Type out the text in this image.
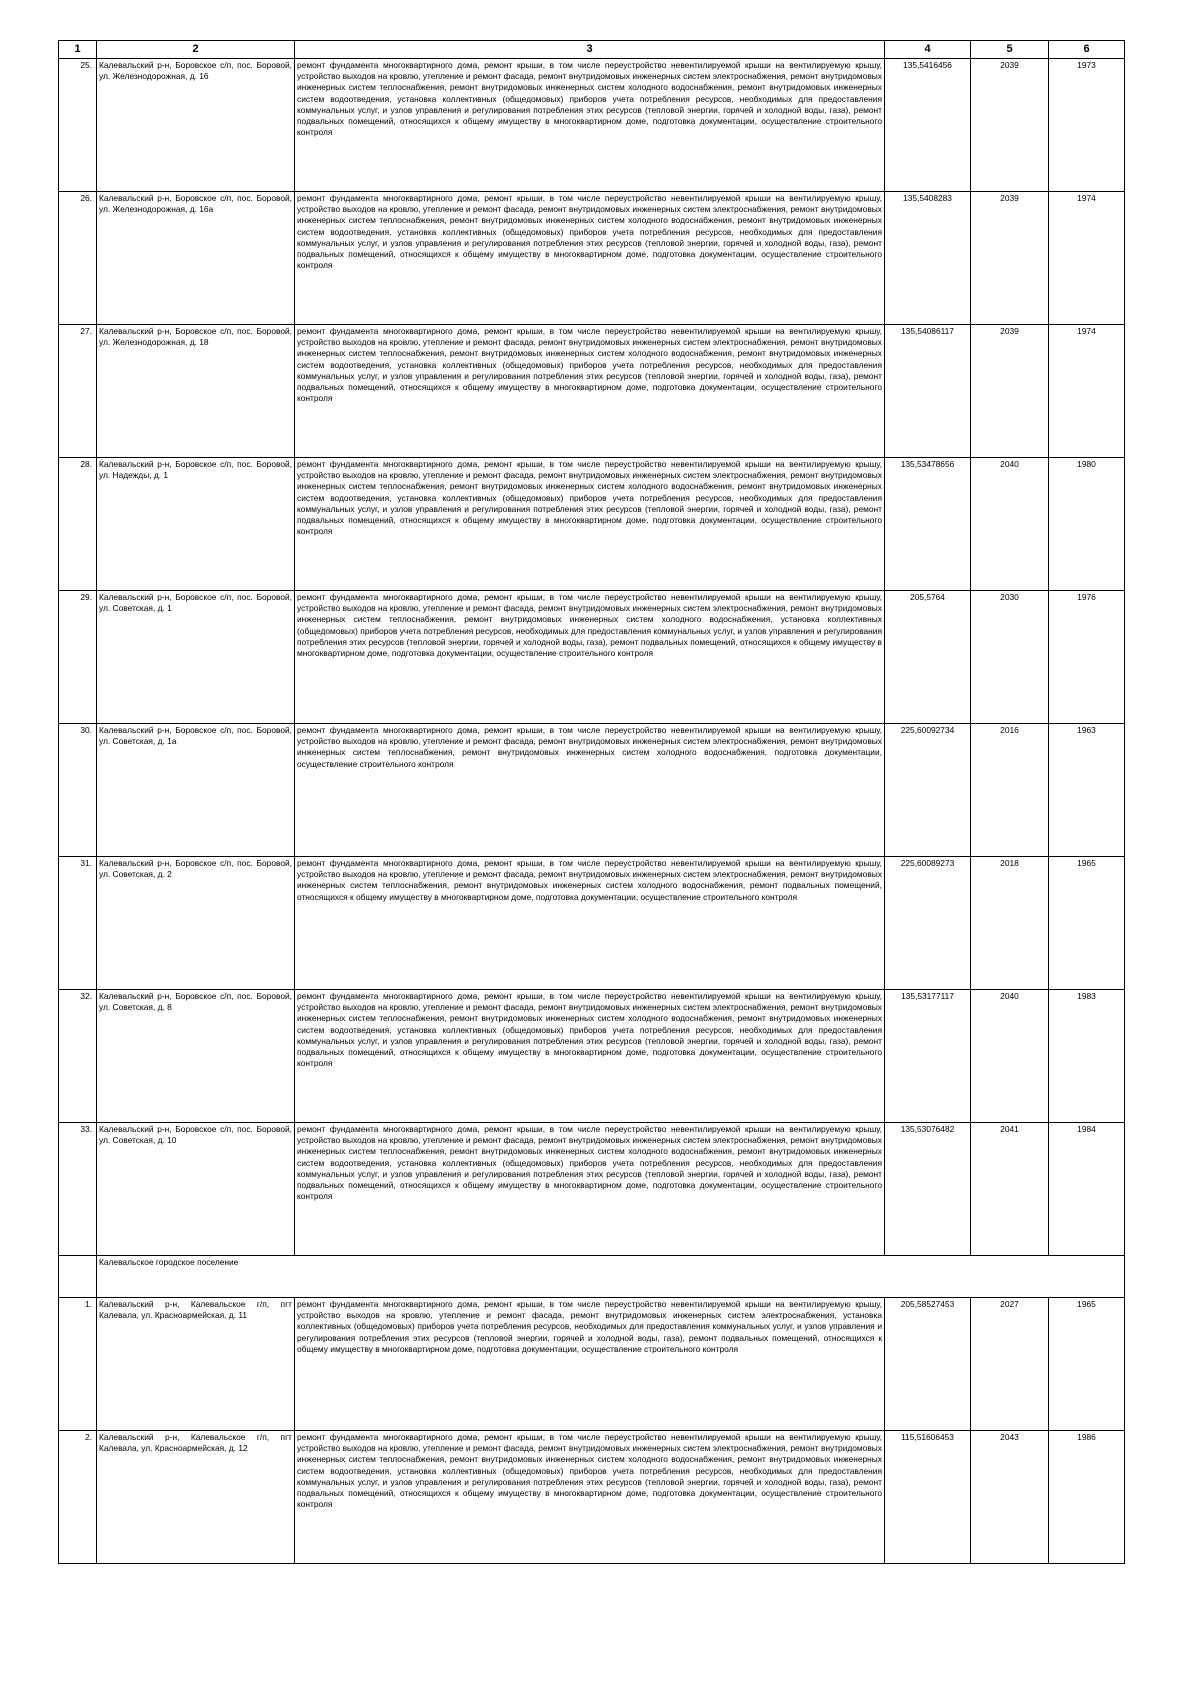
1	2	3	4	5	6
25.	Калевальский р-н, Боровское с/п, пос. Боровой, ул. Железнодорожная, д. 16	ремонт фундамента многоквартирного дома, ремонт крыши, в том числе переустройство невентилируемой крыши на вентилируемую крышу, устройство выходов на кровлю, утепление и ремонт фасада, ремонт внутридомовых инженерных систем электроснабжения, ремонт внутридомовых инженерных систем теплоснабжения, ремонт внутридомовых инженерных систем холодного водоснабжения, ремонт внутридомовых инженерных систем водоотведения, установка коллективных (общедомовых) приборов учета потребления ресурсов, необходимых для предоставления коммунальных услуг, и узлов управления и регулирования потребления этих ресурсов (тепловой энергии, горячей и холодной воды, газа), ремонт подвальных помещений, относящихся к общему имуществу в многоквартирном доме, подготовка документации, осуществление строительного контроля	135,5416456	2039	1973
26.	Калевальский р-н, Боровское с/п, пос. Боровой, ул. Железнодорожная, д. 16а	ремонт фундамента многоквартирного дома, ремонт крыши, в том числе переустройство невентилируемой крыши на вентилируемую крышу, устройство выходов на кровлю, утепление и ремонт фасада, ремонт внутридомовых инженерных систем электроснабжения, ремонт внутридомовых инженерных систем теплоснабжения, ремонт внутридомовых инженерных систем холодного водоснабжения, ремонт внутридомовых инженерных систем водоотведения, установка коллективных (общедомовых) приборов учета потребления ресурсов, необходимых для предоставления коммунальных услуг, и узлов управления и регулирования потребления этих ресурсов (тепловой энергии, горячей и холодной воды, газа), ремонт подвальных помещений, относящихся к общему имуществу в многоквартирном доме, подготовка документации, осуществление строительного контроля	135,5408283	2039	1974
27.	Калевальский р-н, Боровское с/п, пос. Боровой, ул. Железнодорожная, д. 18	ремонт фундамента многоквартирного дома, ремонт крыши, в том числе переустройство невентилируемой крыши на вентилируемую крышу, устройство выходов на кровлю, утепление и ремонт фасада, ремонт внутридомовых инженерных систем электроснабжения, ремонт внутридомовых инженерных систем теплоснабжения, ремонт внутридомовых инженерных систем холодного водоснабжения, ремонт внутридомовых инженерных систем водоотведения, установка коллективных (общедомовых) приборов учета потребления ресурсов, необходимых для предоставления коммунальных услуг, и узлов управления и регулирования потребления этих ресурсов (тепловой энергии, горячей и холодной воды, газа), ремонт подвальных помещений, относящихся к общему имуществу в многоквартирном доме, подготовка документации, осуществление строительного контроля	135,54086117	2039	1974
28.	Калевальский р-н, Боровское с/п, пос. Боровой, ул. Надежды, д. 1	ремонт фундамента многоквартирного дома, ремонт крыши, в том числе переустройство невентилируемой крыши на вентилируемую крышу, устройство выходов на кровлю, утепление и ремонт фасада, ремонт внутридомовых инженерных систем электроснабжения, ремонт внутридомовых инженерных систем теплоснабжения, ремонт внутридомовых инженерных систем холодного водоснабжения, ремонт внутридомовых инженерных систем водоотведения, установка коллективных (общедомовых) приборов учета потребления ресурсов, необходимых для предоставления коммунальных услуг, и узлов управления и регулирования потребления этих ресурсов (тепловой энергии, горячей и холодной воды, газа), ремонт подвальных помещений, относящихся к общему имуществу в многоквартирном доме, подготовка документации, осуществление строительного контроля	135,53478656	2040	1980
29.	Калевальский р-н, Боровское с/п, пос. Боровой, ул. Советская, д. 1	ремонт фундамента многоквартирного дома, ремонт крыши, в том числе переустройство невентилируемой крыши на вентилируемую крышу, устройство выходов на кровлю, утепление и ремонт фасада, ремонт внутридомовых инженерных систем электроснабжения, ремонт внутридомовых инженерных систем теплоснабжения, ремонт внутридомовых инженерных систем холодного водоснабжения, установка коллективных (общедомовых) приборов учета потребления ресурсов, необходимых для предоставления коммунальных услуг, и узлов управления и регулирования потребления этих ресурсов (тепловой энергии, горячей и холодной воды, газа), ремонт подвальных помещений, относящихся к общему имуществу в многоквартирном доме, подготовка документации, осуществление строительного контроля	205,5764	2030	1976
30.	Калевальский р-н, Боровское с/п, пос. Боровой, ул. Советская, д. 1а	ремонт фундамента многоквартирного дома, ремонт крыши, в том числе переустройство невентилируемой крыши на вентилируемую крышу, устройство выходов на кровлю, утепление и ремонт фасада, ремонт внутридомовых инженерных систем электроснабжения, ремонт внутридомовых инженерных систем теплоснабжения, ремонт внутридомовых инженерных систем холодного водоснабжения, подготовка документации, осуществление строительного контроля	225,60092734	2016	1963
31.	Калевальский р-н, Боровское с/п, пос. Боровой, ул. Советская, д. 2	ремонт фундамента многоквартирного дома, ремонт крыши, в том числе переустройство невентилируемой крыши на вентилируемую крышу, устройство выходов на кровлю, утепление и ремонт фасада, ремонт внутридомовых инженерных систем электроснабжения, ремонт внутридомовых инженерных систем теплоснабжения, ремонт внутридомовых инженерных систем холодного водоснабжения, ремонт подвальных помещений, относящихся к общему имуществу в многоквартирном доме, подготовка документации, осуществление строительного контроля	225,60089273	2018	1965
32.	Калевальский р-н, Боровское с/п, пос. Боровой, ул. Советская, д. 8	ремонт фундамента многоквартирного дома, ремонт крыши, в том числе переустройство невентилируемой крыши на вентилируемую крышу, устройство выходов на кровлю, утепление и ремонт фасада, ремонт внутридомовых инженерных систем электроснабжения, ремонт внутридомовых инженерных систем теплоснабжения, ремонт внутридомовых инженерных систем холодного водоснабжения, ремонт внутридомовых инженерных систем водоотведения, установка коллективных (общедомовых) приборов учета потребления ресурсов, необходимых для предоставления коммунальных услуг, и узлов управления и регулирования потребления этих ресурсов (тепловой энергии, горячей и холодной воды, газа), ремонт подвальных помещений, относящихся к общему имуществу в многоквартирном доме, подготовка документации, осуществление строительного контроля	135,53177117	2040	1983
33.	Калевальский р-н, Боровское с/п, пос. Боровой, ул. Советская, д. 10	ремонт фундамента многоквартирного дома, ремонт крыши, в том числе переустройство невентилируемой крыши на вентилируемую крышу, устройство выходов на кровлю, утепление и ремонт фасада, ремонт внутридомовых инженерных систем электроснабжения, ремонт внутридомовых инженерных систем теплоснабжения, ремонт внутридомовых инженерных систем холодного водоснабжения, ремонт внутридомовых инженерных систем водоотведения, установка коллективных (общедомовых) приборов учета потребления ресурсов, необходимых для предоставления коммунальных услуг, и узлов управления и регулирования потребления этих ресурсов (тепловой энергии, горячей и холодной воды, газа), ремонт подвальных помещений, относящихся к общему имуществу в многоквартирном доме, подготовка документации, осуществление строительного контроля	135,53076482	2041	1984
	Калевальское городское поселение				
1.	Калевальский р-н, Калевальское г/п, пгт Калевала, ул. Красноармейская, д. 11	ремонт фундамента многоквартирного дома, ремонт крыши, в том числе переустройство невентилируемой крыши на вентилируемую крышу, устройство выходов на кровлю, утепление и ремонт фасада, ремонт внутридомовых инженерных систем электроснабжения, установка коллективных (общедомовых) приборов учета потребления ресурсов, необходимых для предоставления коммунальных услуг, и узлов управления и регулирования потребления этих ресурсов (тепловой энергии, горячей и холодной воды, газа), ремонт подвальных помещений, относящихся к общему имуществу в многоквартирном доме, подготовка документации, осуществление строительного контроля	205,58527453	2027	1965
2.	Калевальский р-н, Калевальское г/п, пгт Калевала, ул. Красноармейская, д. 12	ремонт фундамента многоквартирного дома, ремонт крыши, в том числе переустройство невентилируемой крыши на вентилируемую крышу, устройство выходов на кровлю, утепление и ремонт фасада, ремонт внутридомовых инженерных систем электроснабжения, ремонт внутридомовых инженерных систем теплоснабжения, ремонт внутридомовых инженерных систем холодного водоснабжения, ремонт внутридомовых инженерных систем водоотведения, установка коллективных (общедомовых) приборов учета потребления ресурсов, необходимых для предоставления коммунальных услуг, и узлов управления и регулирования потребления этих ресурсов (тепловой энергии, горячей и холодной воды, газа), ремонт подвальных помещений, относящихся к общему имуществу в многоквартирном доме, подготовка документации, осуществление строительного контроля	115,51606453	2043	1986
